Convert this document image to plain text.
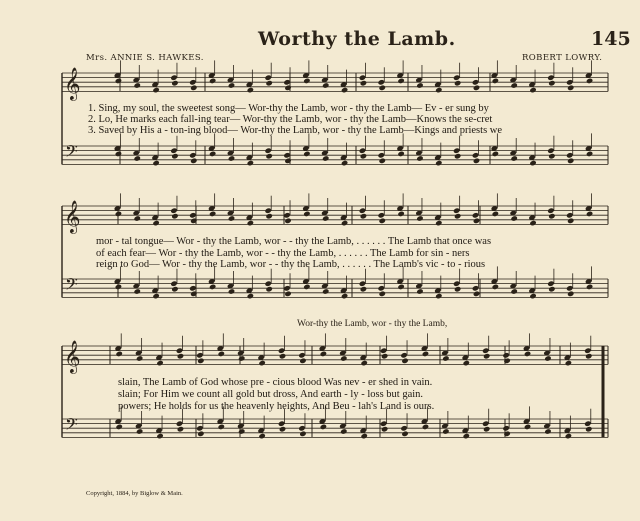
Worthy the Lamb.	145
Mrs. ANNIE S. HAWKES.	ROBERT LOWRY.
𝄞
𝄢
𝄞
𝄢
𝄞
𝄢
1. Sing, my soul, the sweetest song— Wor-thy the Lamb, wor - thy the Lamb— Ev - er sung by
2. Lo, He marks each fall-ing tear— Wor-thy the Lamb, wor - thy the Lamb—Knows the se-cret
3. Saved by His a - ton-ing blood— Wor-thy the Lamb, wor - thy the Lamb—Kings and priests we
mor - tal tongue— Wor - thy the Lamb, wor - - thy the Lamb, . . . . . . The Lamb that once was
of each fear— Wor - thy the Lamb, wor - - thy the Lamb, . . . . . . The Lamb for sin - ners
reign to God— Wor - thy the Lamb, wor - - thy the Lamb, . . . . . . The Lamb's vic - to - rious
Wor-thy the Lamb, wor - thy the Lamb,
slain, The Lamb of God whose pre - cious blood Was nev - er shed in vain.
slain; For Him we count all gold but dross, And earth - ly - loss but gain.
powers; He holds for us the heavenly heights, And Beu - lah's Land is ours.
Copyright, 1884, by Biglow & Main.
